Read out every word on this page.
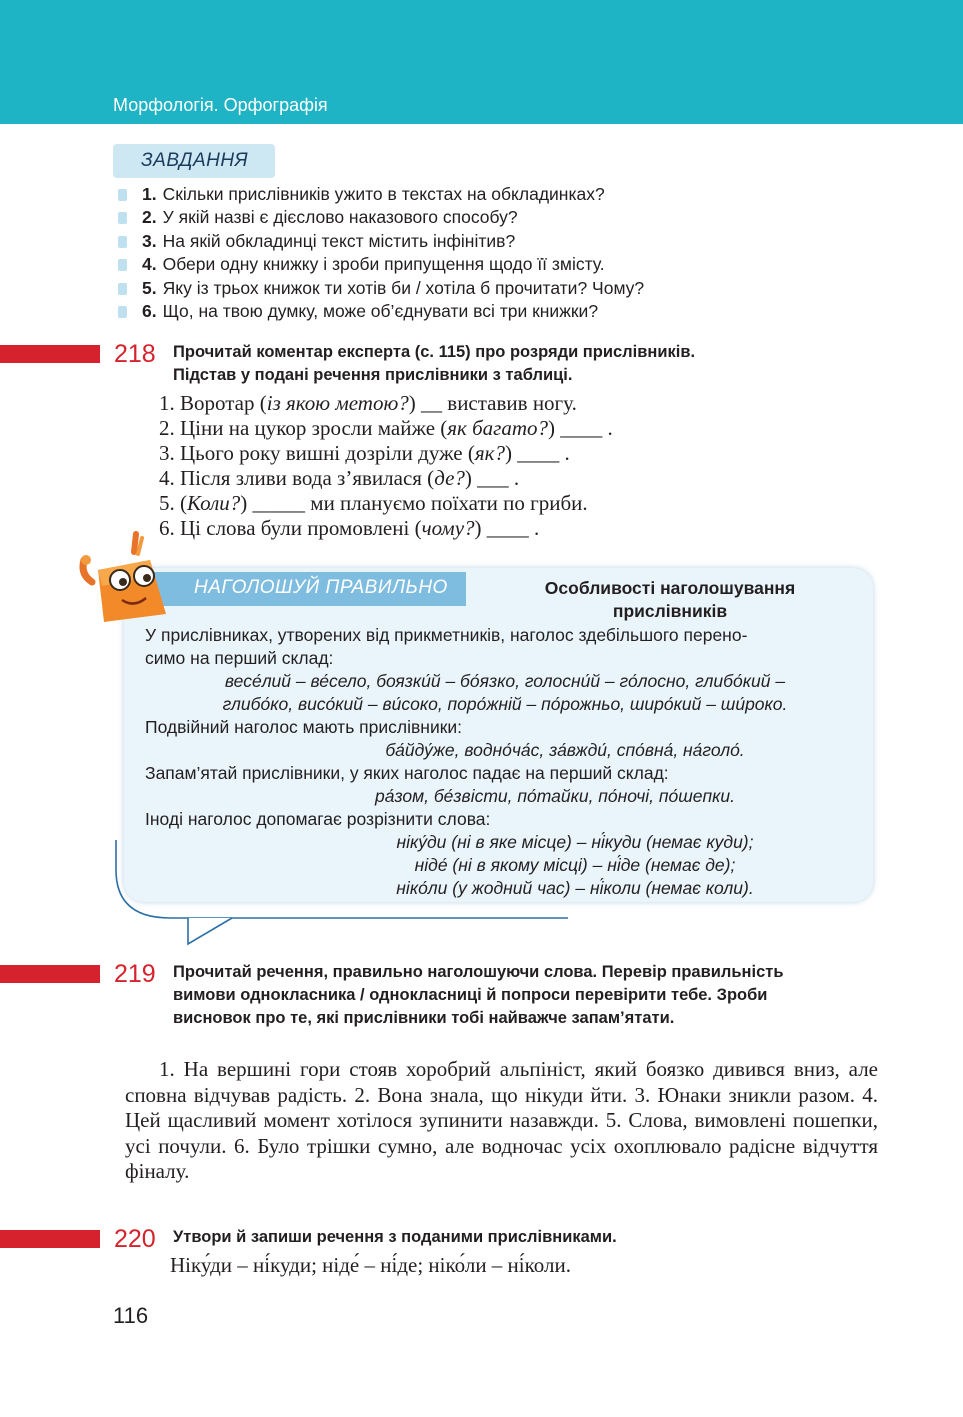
Морфологія. Орфографія
ЗАВДАННЯ
1. Скільки прислівників ужито в текстах на обкладинках?
2. У якій назві є дієслово наказового способу?
3. На якій обкладинці текст містить інфінітив?
4. Обери одну книжку і зроби припущення щодо її змісту.
5. Яку із трьох книжок ти хотів би / хотіла б прочитати? Чому?
6. Що, на твою думку, може об’єднувати всі три книжки?
218 Прочитай коментар експерта (с. 115) про розряди прислівників.
Підстав у подані речення прислівники з таблиці.
1. Воротар (із якою метою?) __ виставив ногу.
2. Ціни на цукор зросли майже (як багато?) ____ .
3. Цього року вишні дозріли дуже (як?) ____ .
4. Після зливи вода з’явилася (де?) ___ .
5. (Коли?) _____ ми плануємо поїхати по гриби.
6. Ці слова були промовлені (чому?) ____ .
НАГОЛОШУЙ ПРАВИЛЬНО	Особливості наголошування
прислівників
У прислівниках, утворених від прикметників, наголос здебільшого перено-
симо на перший склад:
весе́лий – ве́село, боязки́й – бо́язко, голосни́й – го́лосно, глибо́кий –
глибо́ко, висо́кий – ви́соко, поро́жній – по́рожньо, широ́кий – ши́роко.
Подвійний наголос мають прислівники:
ба́йду́же, водно́ча́с, за́вжди́, спо́вна́, на́голо́.
Запам’ятай прислівники, у яких наголос падає на перший склад:
ра́зом, бе́звісти, по́тайки, по́ночі, по́шепки.
Іноді наголос допомагає розрізнити слова:
ніку́ди (ні в яке місце) – ні́куди (немає куди);
ніде́ (ні в якому місці) – ні́де (немає де);
ніко́ли (у жодний час) – ні́коли (немає коли).
219 Прочитай речення, правильно наголошуючи слова. Перевір правильність
вимови однокласника / однокласниці й попроси перевірити тебе. Зроби
висновок про те, які прислівники тобі найважче запам’ятати.
1. На вершині гори стояв хоробрий альпініст, який боязко дивився вниз, але сповна відчував радість. 2. Вона знала, що нікуди йти. 3. Юнаки зникли разом. 4. Цей щасливий момент хотілося зупинити назавжди. 5. Слова, вимовлені пошепки, усі почули. 6. Було трішки сумно, але водночас усіх охоплювало радісне відчуття фіналу.
220 Утвори й запиши речення з поданими прислівниками.
Ніку́ди – ні́куди; ніде́ – ні́де; ніко́ли – ні́коли.
116
